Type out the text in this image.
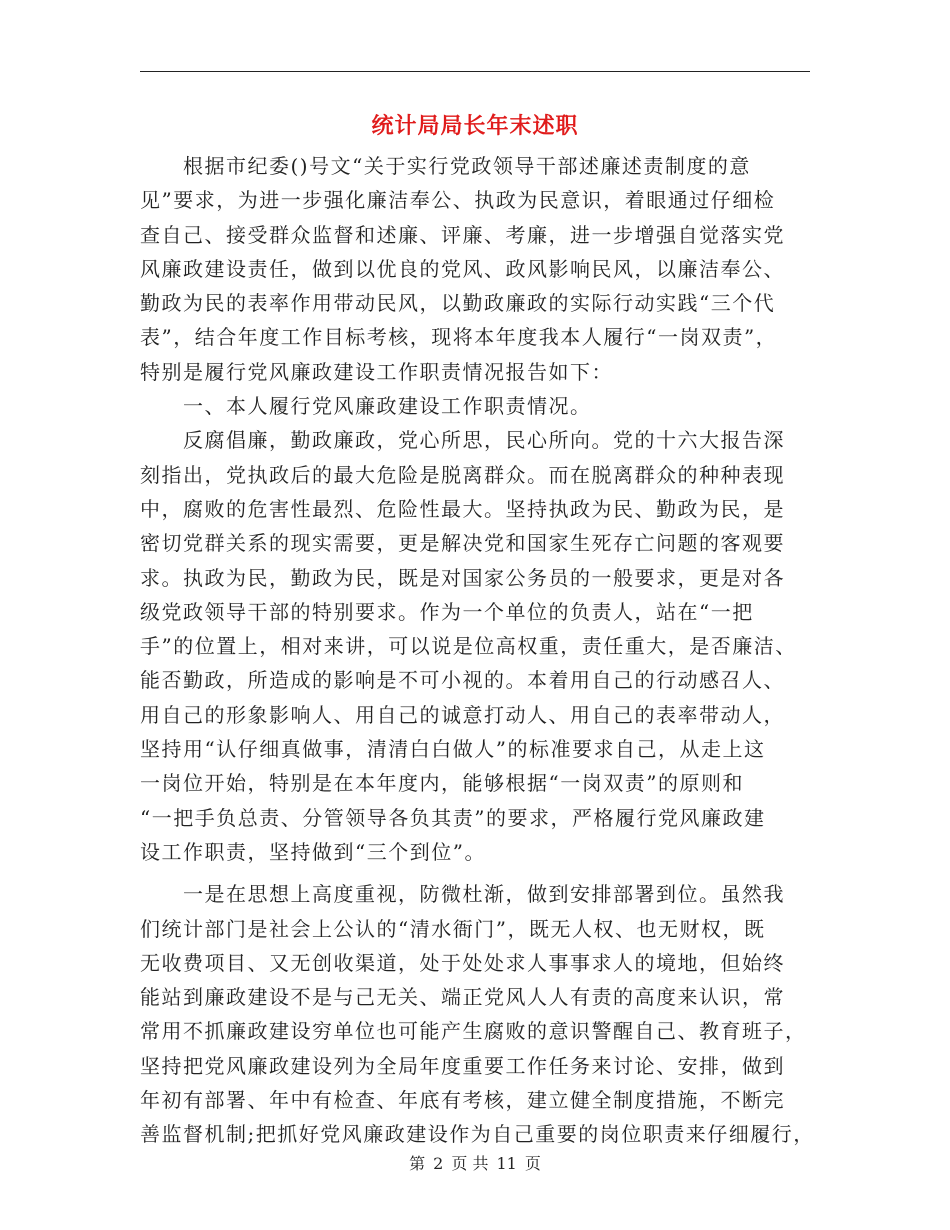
统计局局长年末述职
　　根据市纪委()号文“关于实行党政领导干部述廉述责制度的意
见”要求，为进一步强化廉洁奉公、执政为民意识，着眼通过仔细检
查自己、接受群众监督和述廉、评廉、考廉，进一步增强自觉落实党
风廉政建设责任，做到以优良的党风、政风影响民风，以廉洁奉公、
勤政为民的表率作用带动民风，以勤政廉政的实际行动实践“三个代
表”，结合年度工作目标考核，现将本年度我本人履行“一岗双责”，
特别是履行党风廉政建设工作职责情况报告如下：
　　一、本人履行党风廉政建设工作职责情况。
　　反腐倡廉，勤政廉政，党心所思，民心所向。党的十六大报告深
刻指出，党执政后的最大危险是脱离群众。而在脱离群众的种种表现
中，腐败的危害性最烈、危险性最大。坚持执政为民、勤政为民，是
密切党群关系的现实需要，更是解决党和国家生死存亡问题的客观要
求。执政为民，勤政为民，既是对国家公务员的一般要求，更是对各
级党政领导干部的特别要求。作为一个单位的负责人，站在“一把
手”的位置上，相对来讲，可以说是位高权重，责任重大，是否廉洁、
能否勤政，所造成的影响是不可小视的。本着用自己的行动感召人、
用自己的形象影响人、用自己的诚意打动人、用自己的表率带动人，
坚持用“认仔细真做事，清清白白做人”的标准要求自己，从走上这
一岗位开始，特别是在本年度内，能够根据“一岗双责”的原则和
“一把手负总责、分管领导各负其责”的要求，严格履行党风廉政建
设工作职责，坚持做到“三个到位”。
　　一是在思想上高度重视，防微杜渐，做到安排部署到位。虽然我
们统计部门是社会上公认的“清水衙门”，既无人权、也无财权，既
无收费项目、又无创收渠道，处于处处求人事事求人的境地，但始终
能站到廉政建设不是与己无关、端正党风人人有责的高度来认识，常
常用不抓廉政建设穷单位也可能产生腐败的意识警醒自己、教育班子，
坚持把党风廉政建设列为全局年度重要工作任务来讨论、安排，做到
年初有部署、年中有检查、年底有考核，建立健全制度措施，不断完
善监督机制;把抓好党风廉政建设作为自己重要的岗位职责来仔细履行，
第 2 页 共 11 页
